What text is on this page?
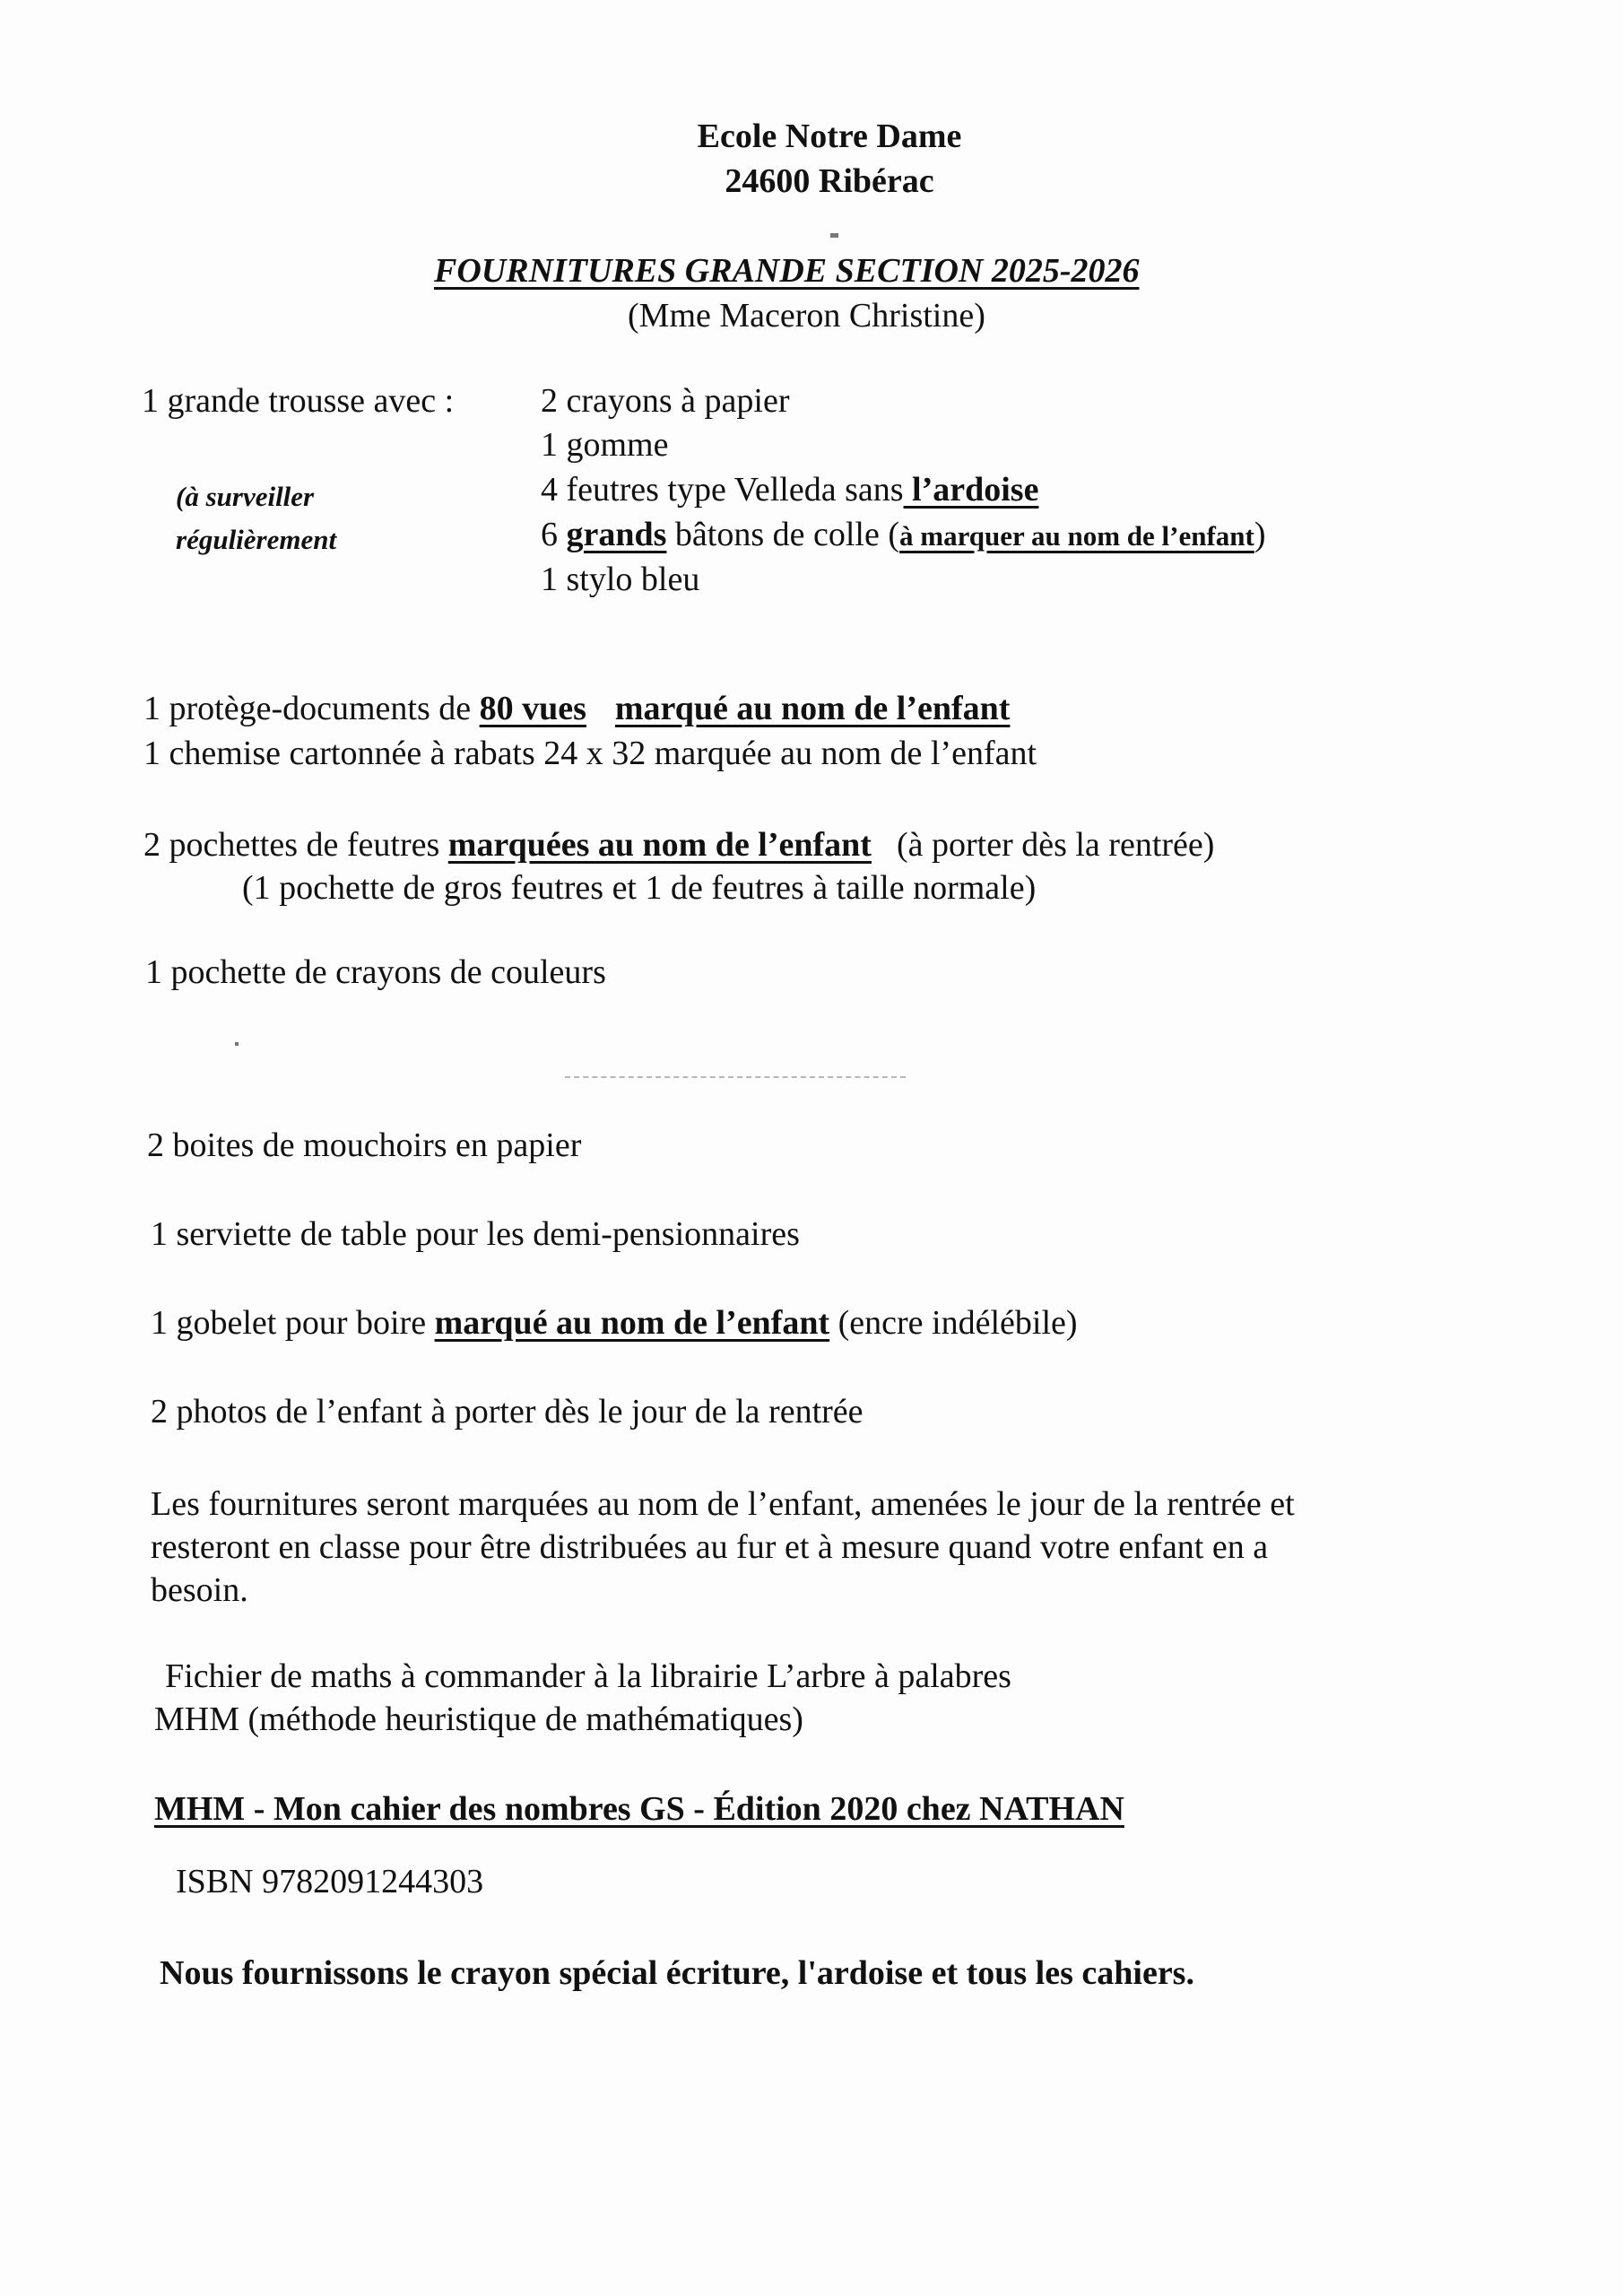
Ecole Notre Dame
24600 Ribérac
FOURNITURES GRANDE SECTION 2025-2026
(Mme Maceron Christine)
1 grande trousse avec :
(à surveiller
régulièrement
2 crayons à papier
1 gomme
4 feutres type Velleda sans l’ardoise
6 grands bâtons de colle (à marquer au nom de l’enfant)
1 stylo bleu
1 protège-documents de 80 vues marqué au nom de l’enfant
1 chemise cartonnée à rabats 24 x 32 marquée au nom de l’enfant
2 pochettes de feutres marquées au nom de l’enfant (à porter dès la rentrée)
(1 pochette de gros feutres et 1 de feutres à taille normale)
1 pochette de crayons de couleurs
2 boites de mouchoirs en papier
1 serviette de table pour les demi-pensionnaires
1 gobelet pour boire marqué au nom de l’enfant (encre indélébile)
2 photos de l’enfant à porter dès le jour de la rentrée
Les fournitures seront marquées au nom de l’enfant, amenées le jour de la rentrée et
resteront en classe pour être distribuées au fur et à mesure quand votre enfant en a
besoin.
Fichier de maths à commander à la librairie L’arbre à palabres
MHM (méthode heuristique de mathématiques)
MHM - Mon cahier des nombres GS - Édition 2020 chez NATHAN
ISBN 9782091244303
Nous fournissons le crayon spécial écriture, l'ardoise et tous les cahiers.
